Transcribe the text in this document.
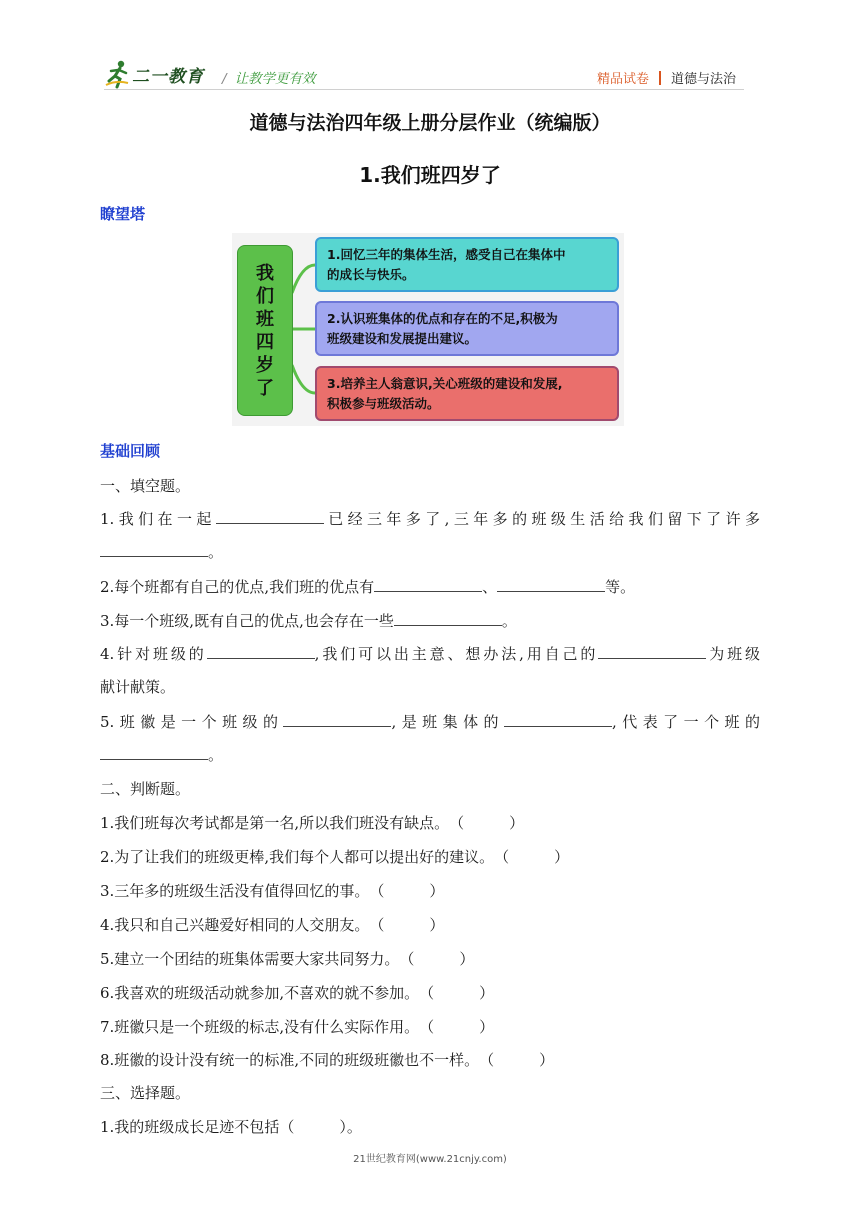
二一教育 / 让教学更有效	精品试卷 道德与法治
道德与法治四年级上册分层作业（统编版）
1.我们班四岁了
瞭望塔
我
们
班
四
岁
了
1.回忆三年的集体生活，感受自己在集体中
的成长与快乐。
2.认识班集体的优点和存在的不足,积极为
班级建设和发展提出建议。
3.培养主人翁意识,关心班级的建设和发展,
积极参与班级活动。
基础回顾
一、填空题。
1.我们在一起	已经三年多了,三年多的班级生活给我们留下了许多
。
2.每个班都有自己的优点,我们班的优点有	、	等。
3.每一个班级,既有自己的优点,也会存在一些	。
4.针对班级的	,我们可以出主意、想办法,用自己的	为班级
献计献策。
5.班徽是一个班级的	,是班集体的	,代表了一个班的
。
二、判断题。
1.我们班每次考试都是第一名,所以我们班没有缺点。（　　　）
2.为了让我们的班级更棒,我们每个人都可以提出好的建议。（　　　）
3.三年多的班级生活没有值得回忆的事。（　　　）
4.我只和自己兴趣爱好相同的人交朋友。（　　　）
5.建立一个团结的班集体需要大家共同努力。（　　　）
6.我喜欢的班级活动就参加,不喜欢的就不参加。（　　　）
7.班徽只是一个班级的标志,没有什么实际作用。（　　　）
8.班徽的设计没有统一的标准,不同的班级班徽也不一样。（　　　）
三、选择题。
1.我的班级成长足迹不包括（　　　）。
21世纪教育网(www.21cnjy.com)
